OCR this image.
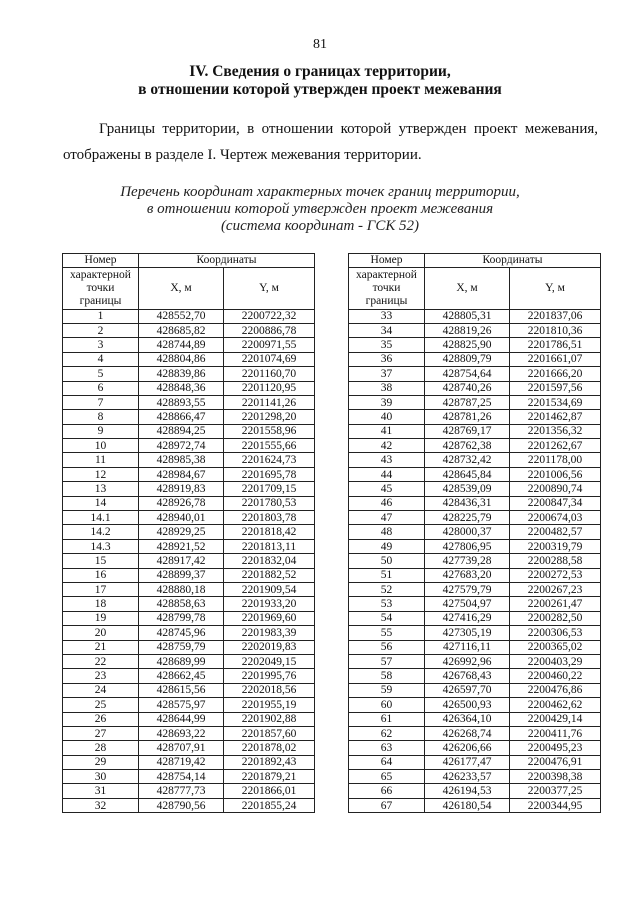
81
IV. Сведения о границах территории,
в отношении которой утвержден проект межевания
Границы территории, в отношении которой утвержден проект межевания,
отображены в разделе I. Чертеж межевания территории.
Перечень координат характерных точек границ территории,
в отношении которой утвержден проект межевания
(система координат - ГСК 52)
Номер	Координаты	
характерной	X, м	Y, м
точки		
границы		
1	428552,70	2200722,32
2	428685,82	2200886,78
3	428744,89	2200971,55
4	428804,86	2201074,69
5	428839,86	2201160,70
6	428848,36	2201120,95
7	428893,55	2201141,26
8	428866,47	2201298,20
9	428894,25	2201558,96
10	428972,74	2201555,66
11	428985,38	2201624,73
12	428984,67	2201695,78
13	428919,83	2201709,15
14	428926,78	2201780,53
14.1	428940,01	2201803,78
14.2	428929,25	2201818,42
14.3	428921,52	2201813,11
15	428917,42	2201832,04
16	428899,37	2201882,52
17	428880,18	2201909,54
18	428858,63	2201933,20
19	428799,78	2201969,60
20	428745,96	2201983,39
21	428759,79	2202019,83
22	428689,99	2202049,15
23	428662,45	2201995,76
24	428615,56	2202018,56
25	428575,97	2201955,19
26	428644,99	2201902,88
27	428693,22	2201857,60
28	428707,91	2201878,02
29	428719,42	2201892,43
30	428754,14	2201879,21
31	428777,73	2201866,01
32	428790,56	2201855,24
Номер	Координаты	
характерной	X, м	Y, м
точки		
границы		
33	428805,31	2201837,06
34	428819,26	2201810,36
35	428825,90	2201786,51
36	428809,79	2201661,07
37	428754,64	2201666,20
38	428740,26	2201597,56
39	428787,25	2201534,69
40	428781,26	2201462,87
41	428769,17	2201356,32
42	428762,38	2201262,67
43	428732,42	2201178,00
44	428645,84	2201006,56
45	428539,09	2200890,74
46	428436,31	2200847,34
47	428225,79	2200674,03
48	428000,37	2200482,57
49	427806,95	2200319,79
50	427739,28	2200288,58
51	427683,20	2200272,53
52	427579,79	2200267,23
53	427504,97	2200261,47
54	427416,29	2200282,50
55	427305,19	2200306,53
56	427116,11	2200365,02
57	426992,96	2200403,29
58	426768,43	2200460,22
59	426597,70	2200476,86
60	426500,93	2200462,62
61	426364,10	2200429,14
62	426268,74	2200411,76
63	426206,66	2200495,23
64	426177,47	2200476,91
65	426233,57	2200398,38
66	426194,53	2200377,25
67	426180,54	2200344,95
